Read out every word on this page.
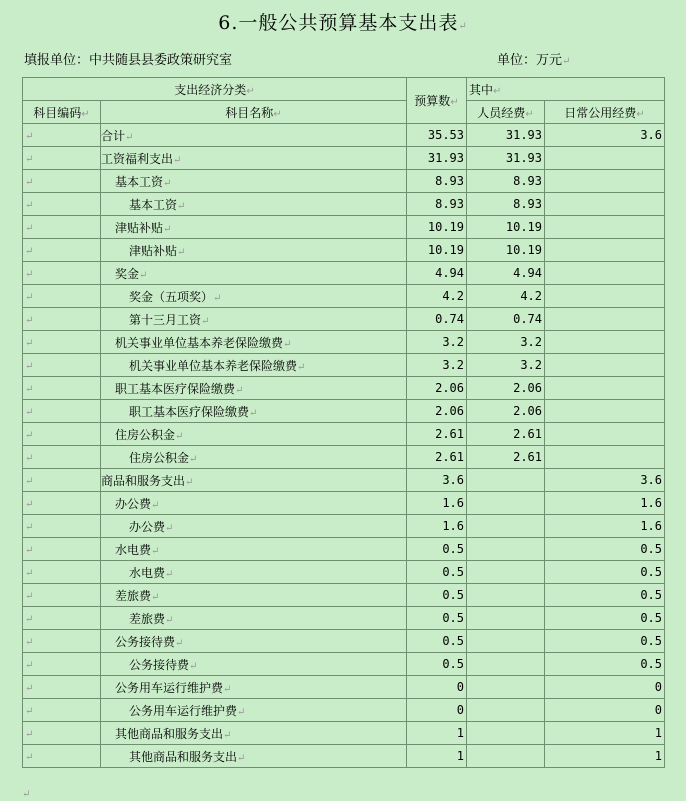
6.一般公共预算基本支出表↵
填报单位：中共随县县委政策研究室	单位：万元↵
支出经济分类↵		预算数↵	其中↵	
科目编码↵	科目名称↵		人员经费↵	日常公用经费↵
↵	合计↵	35.53	31.93	3.6
↵	工资福利支出↵	31.93	31.93	
↵	基本工资↵	8.93	8.93	
↵	基本工资↵	8.93	8.93	
↵	津贴补贴↵	10.19	10.19	
↵	津贴补贴↵	10.19	10.19	
↵	奖金↵	4.94	4.94	
↵	奖金（五项奖）↵	4.2	4.2	
↵	第十三月工资↵	0.74	0.74	
↵	机关事业单位基本养老保险缴费↵	3.2	3.2	
↵	机关事业单位基本养老保险缴费↵	3.2	3.2	
↵	职工基本医疗保险缴费↵	2.06	2.06	
↵	职工基本医疗保险缴费↵	2.06	2.06	
↵	住房公积金↵	2.61	2.61	
↵	住房公积金↵	2.61	2.61	
↵	商品和服务支出↵	3.6		3.6
↵	办公费↵	1.6		1.6
↵	办公费↵	1.6		1.6
↵	水电费↵	0.5		0.5
↵	水电费↵	0.5		0.5
↵	差旅费↵	0.5		0.5
↵	差旅费↵	0.5		0.5
↵	公务接待费↵	0.5		0.5
↵	公务接待费↵	0.5		0.5
↵	公务用车运行维护费↵	0		0
↵	公务用车运行维护费↵	0		0
↵	其他商品和服务支出↵	1		1
↵	其他商品和服务支出↵	1		1
↵
